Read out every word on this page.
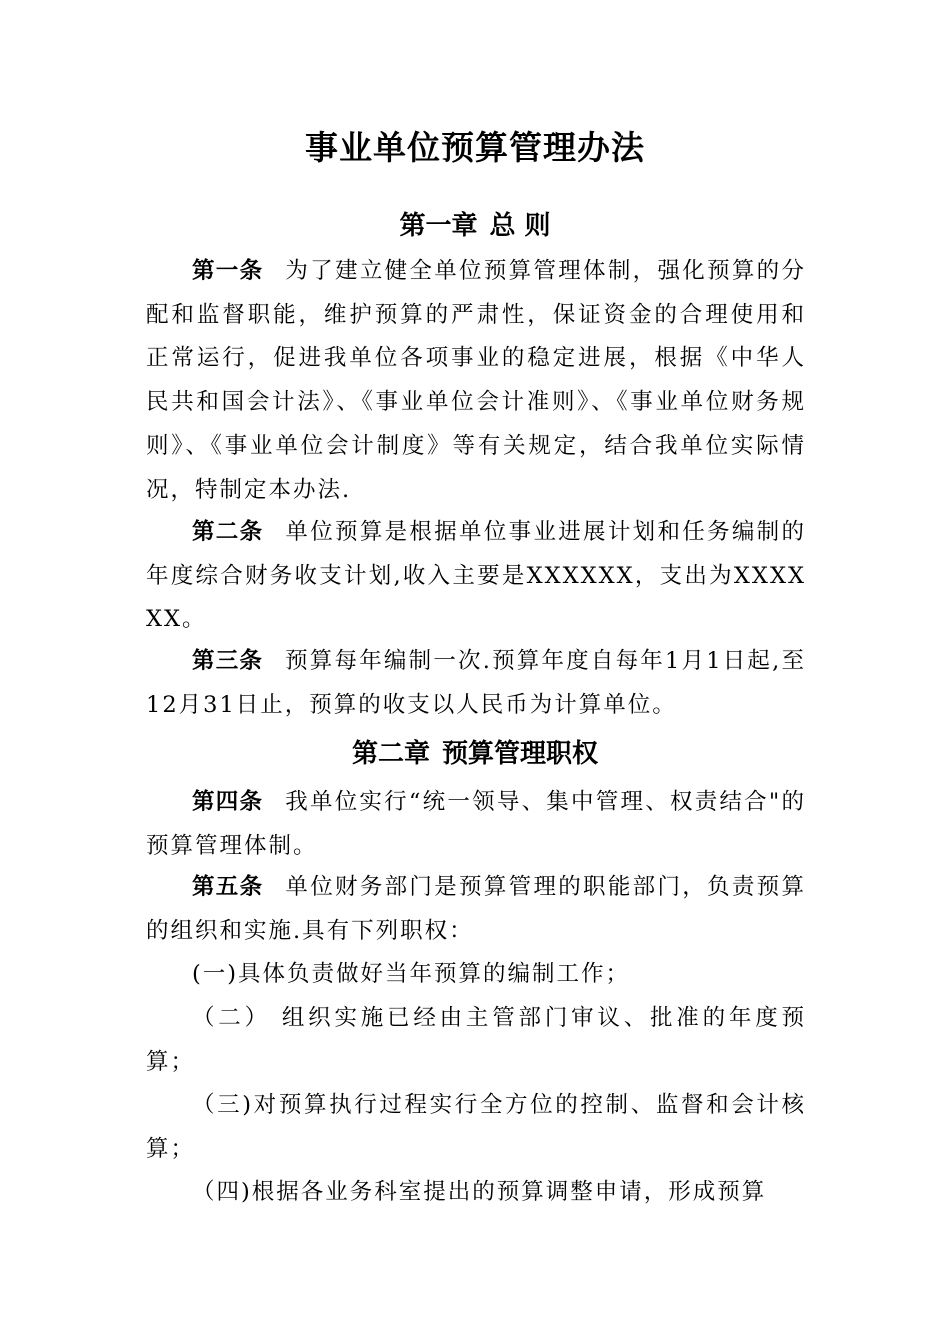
事业单位预算管理办法
第一章 总 则

第一条 为了建立健全单位预算管理体制，强化预算的分配和监督职能，维护预算的严肃性，保证资金的合理使用和正常运行，促进我单位各项事业的稳定进展，根据《中华人民共和国会计法》、《事业单位会计准则》、《事业单位财务规则》、《事业单位会计制度》等有关规定，结合我单位实际情况，特制定本办法.

第二条 单位预算是根据单位事业进展计划和任务编制的年度综合财务收支计划,收入主要是XXXXXX，支出为XXXXXX。

第三条 预算每年编制一次.预算年度自每年1月1日起,至12月31日止，预算的收支以人民币为计算单位。

第二章 预算管理职权

第四条 我单位实行“统一领导、集中管理、权责结合"的预算管理体制。

第五条 单位财务部门是预算管理的职能部门，负责预算的组织和实施.具有下列职权：

(一)具体负责做好当年预算的编制工作；

（二） 组织实施已经由主管部门审议、批准的年度预算；

（三)对预算执行过程实行全方位的控制、监督和会计核算；

（四)根据各业务科室提出的预算调整申请，形成预算
